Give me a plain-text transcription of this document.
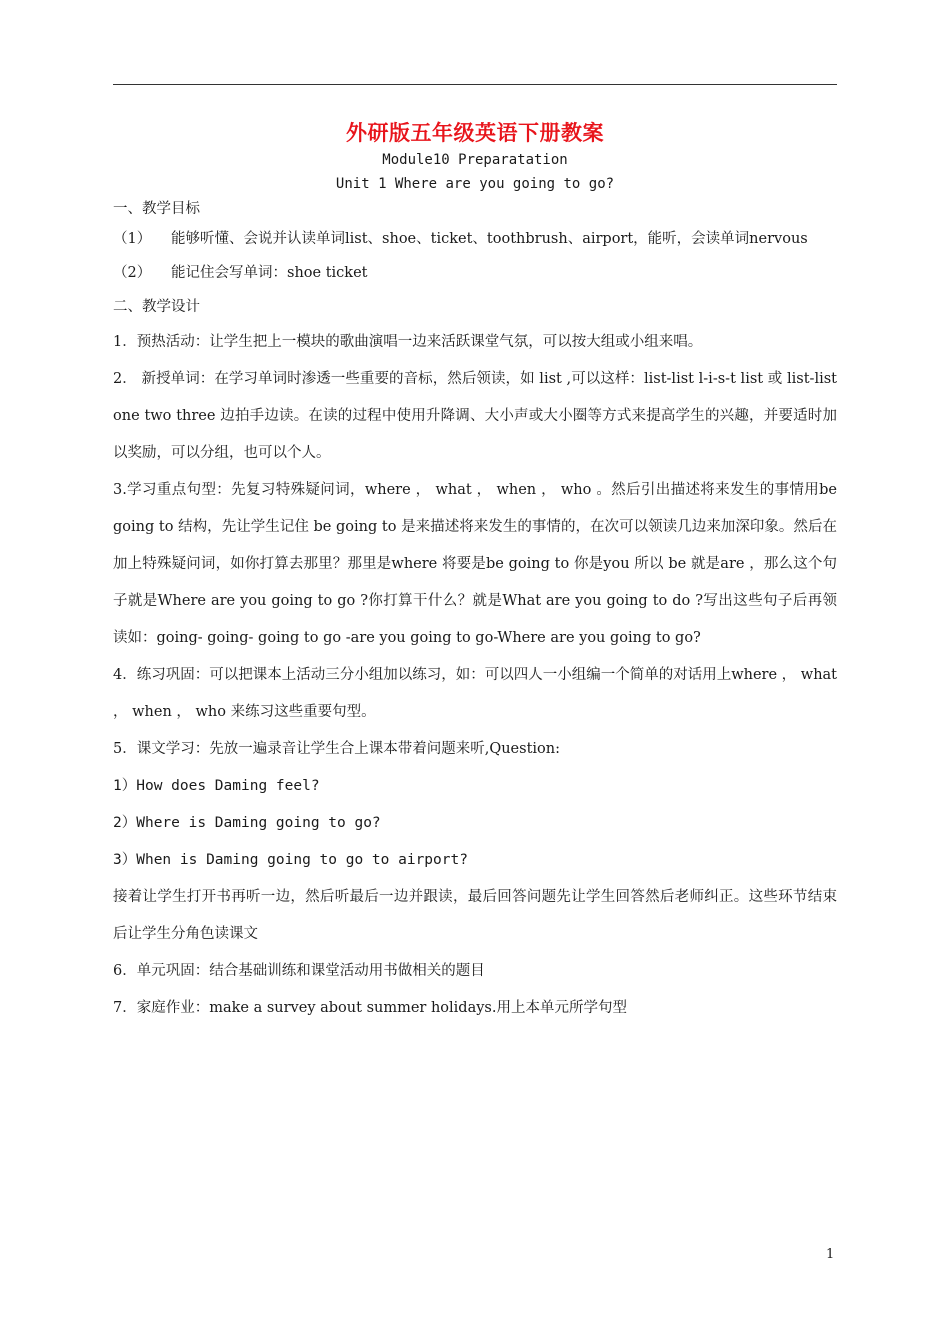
外研版五年级英语下册教案
Module10 Preparatation
Unit 1 Where are you going to go?
一、教学目标
（1）	能够听懂、会说并认读单词list、shoe、ticket、toothbrush、airport，能听，会读单词nervous
（2）	能记住会写单词：shoe ticket
二、教学设计
1．预热活动：让学生把上一模块的歌曲演唱一边来活跃课堂气氛，可以按大组或小组来唱。
2． 新授单词：在学习单词时渗透一些重要的音标，然后领读，如 list ,可以这样：list-list l-i-s-t list 或 list-list one two three 边拍手边读。在读的过程中使用升降调、大小声或大小圈等方式来提高学生的兴趣，并要适时加以奖励，可以分组，也可以个人。
3.学习重点句型：先复习特殊疑问词，where ， what ， when ， who 。然后引出描述将来发生的事情用be going to 结构，先让学生记住 be going to 是来描述将来发生的事情的，在次可以领读几边来加深印象。然后在加上特殊疑问词，如你打算去那里？那里是where 将要是be going to 你是you 所以 be 就是are ，那么这个句子就是Where are you going to go ?你打算干什么？就是What are you going to do ?写出这些句子后再领读如：going- going- going to go -are you going to go-Where are you going to go?
4．练习巩固：可以把课本上活动三分小组加以练习，如：可以四人一小组编一个简单的对话用上where ， what ， when ， who 来练习这些重要句型。
5．课文学习：先放一遍录音让学生合上课本带着问题来听,Question:
1）How does Daming feel?
2）Where is Daming going to go?
3）When is Daming going to go to airport?
接着让学生打开书再听一边，然后听最后一边并跟读，最后回答问题先让学生回答然后老师纠正。这些环节结束后让学生分角色读课文
6．单元巩固：结合基础训练和课堂活动用书做相关的题目
7．家庭作业：make a survey about summer holidays.用上本单元所学句型
1
